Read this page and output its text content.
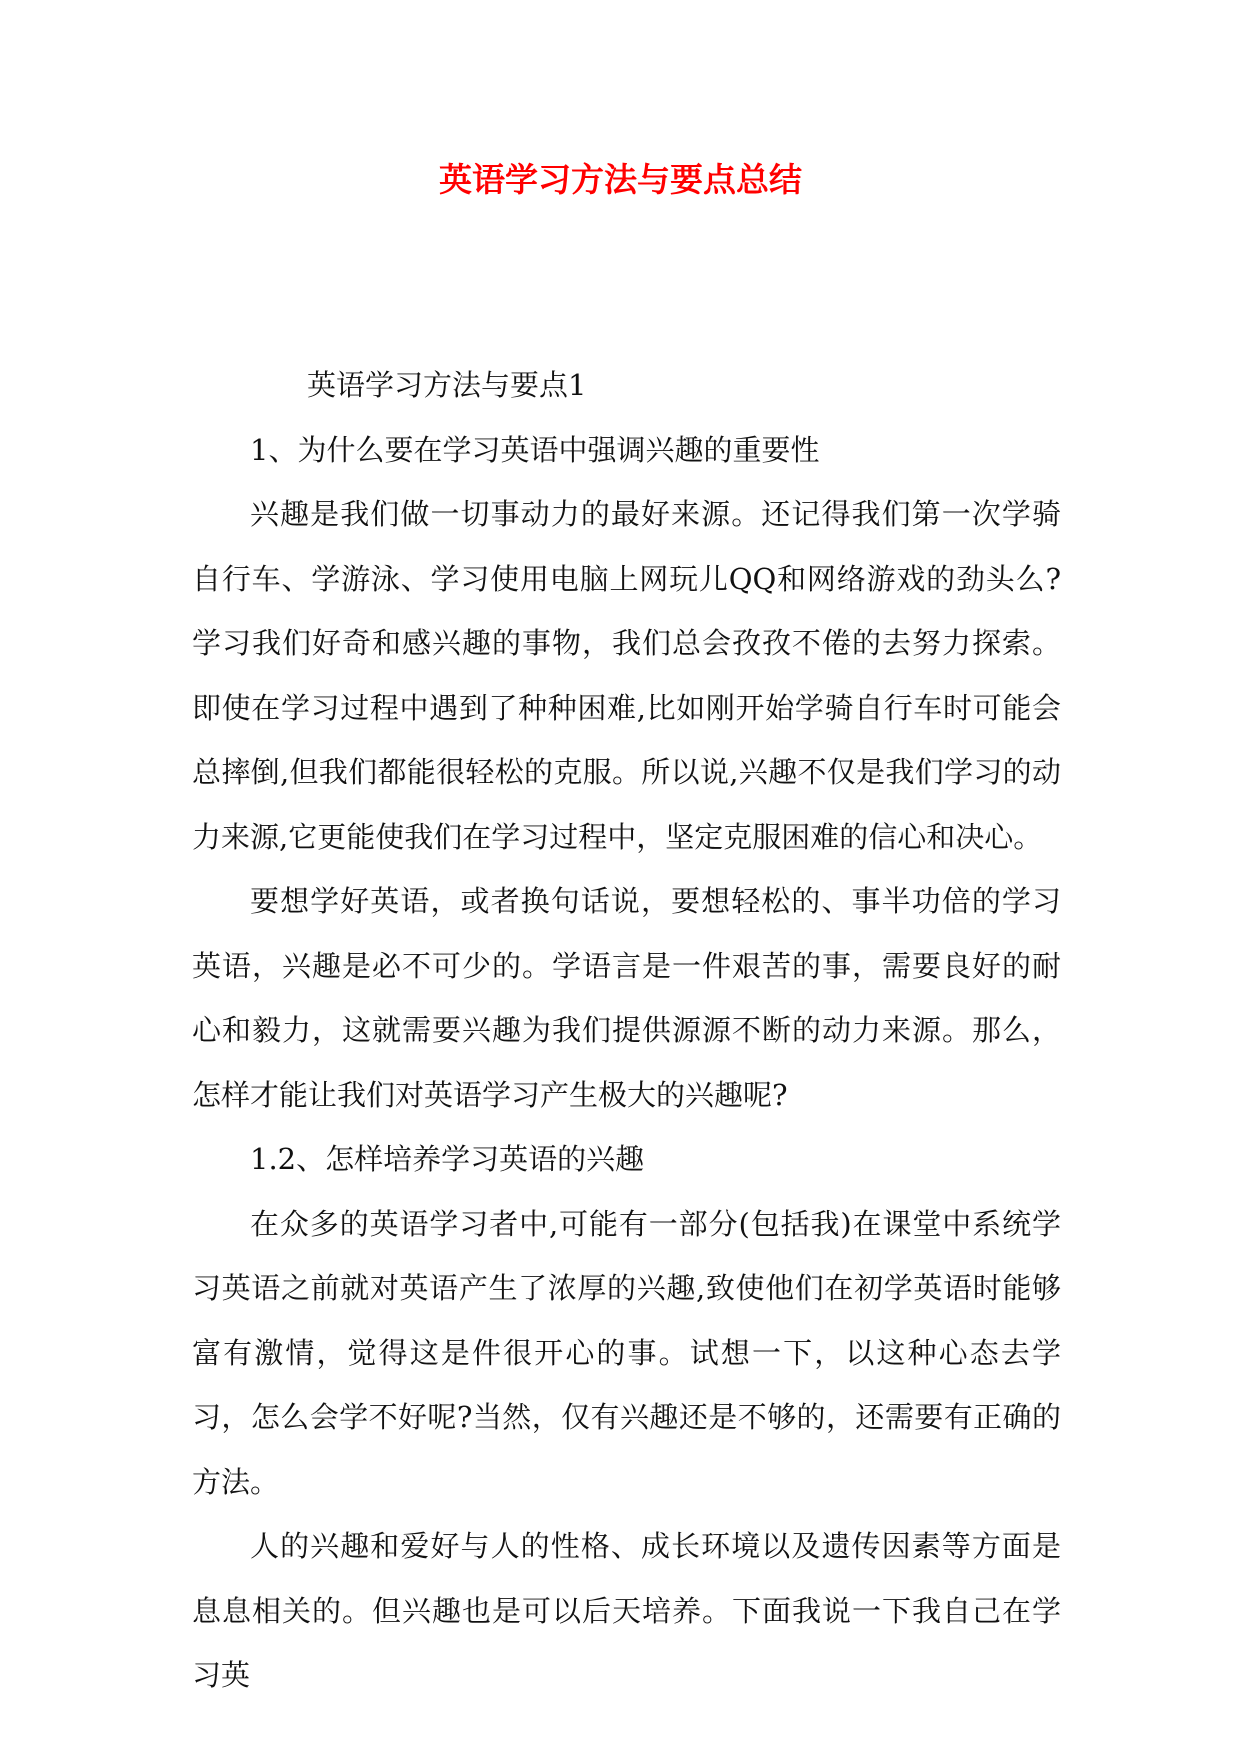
英语学习方法与要点总结

英语学习方法与要点1

1、为什么要在学习英语中强调兴趣的重要性

兴趣是我们做一切事动力的最好来源。还记得我们第一次学骑自行车、学游泳、学习使用电脑上网玩儿QQ和网络游戏的劲头么?学习我们好奇和感兴趣的事物，我们总会孜孜不倦的去努力探索。即使在学习过程中遇到了种种困难,比如刚开始学骑自行车时可能会总摔倒,但我们都能很轻松的克服。所以说,兴趣不仅是我们学习的动力来源,它更能使我们在学习过程中，坚定克服困难的信心和决心。

要想学好英语，或者换句话说，要想轻松的、事半功倍的学习英语，兴趣是必不可少的。学语言是一件艰苦的事，需要良好的耐心和毅力，这就需要兴趣为我们提供源源不断的动力来源。那么，怎样才能让我们对英语学习产生极大的兴趣呢?

1.2、怎样培养学习英语的兴趣

在众多的英语学习者中,可能有一部分(包括我)在课堂中系统学习英语之前就对英语产生了浓厚的兴趣,致使他们在初学英语时能够富有激情，觉得这是件很开心的事。试想一下，以这种心态去学习，怎么会学不好呢?当然，仅有兴趣还是不够的，还需要有正确的方法。

人的兴趣和爱好与人的性格、成长环境以及遗传因素等方面是息息相关的。但兴趣也是可以后天培养。下面我说一下我自己在学习英
